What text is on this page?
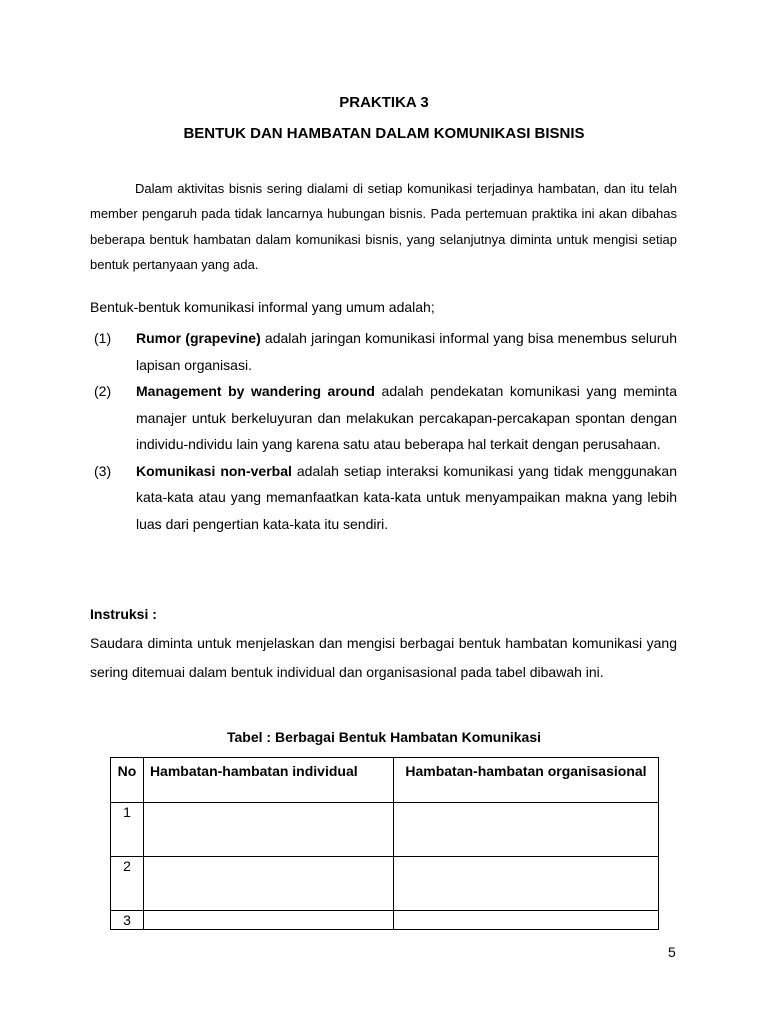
PRAKTIKA 3
BENTUK DAN HAMBATAN DALAM KOMUNIKASI BISNIS

Dalam aktivitas bisnis sering dialami di setiap komunikasi terjadinya hambatan, dan itu telah member pengaruh pada tidak lancarnya hubungan bisnis. Pada pertemuan praktika ini akan dibahas beberapa bentuk hambatan dalam komunikasi bisnis, yang selanjutnya diminta untuk mengisi setiap bentuk pertanyaan yang ada.

Bentuk-bentuk komunikasi informal yang umum adalah;

(1) Rumor (grapevine) adalah jaringan komunikasi informal yang bisa menembus seluruh lapisan organisasi.
(2) Management by wandering around adalah pendekatan komunikasi yang meminta manajer untuk berkeluyuran dan melakukan percakapan-percakapan spontan dengan individu-ndividu lain yang karena satu atau beberapa hal terkait dengan perusahaan.
(3) Komunikasi non-verbal adalah setiap interaksi komunikasi yang tidak menggunakan kata-kata atau yang memanfaatkan kata-kata untuk menyampaikan makna yang lebih luas dari pengertian kata-kata itu sendiri.

Instruksi :

Saudara diminta untuk menjelaskan dan mengisi berbagai bentuk hambatan komunikasi yang sering ditemuai dalam bentuk individual dan organisasional pada tabel dibawah ini.

Tabel : Berbagai Bentuk Hambatan Komunikasi
No	Hambatan-hambatan individual	Hambatan-hambatan organisasional
1		
2		
3		
5
